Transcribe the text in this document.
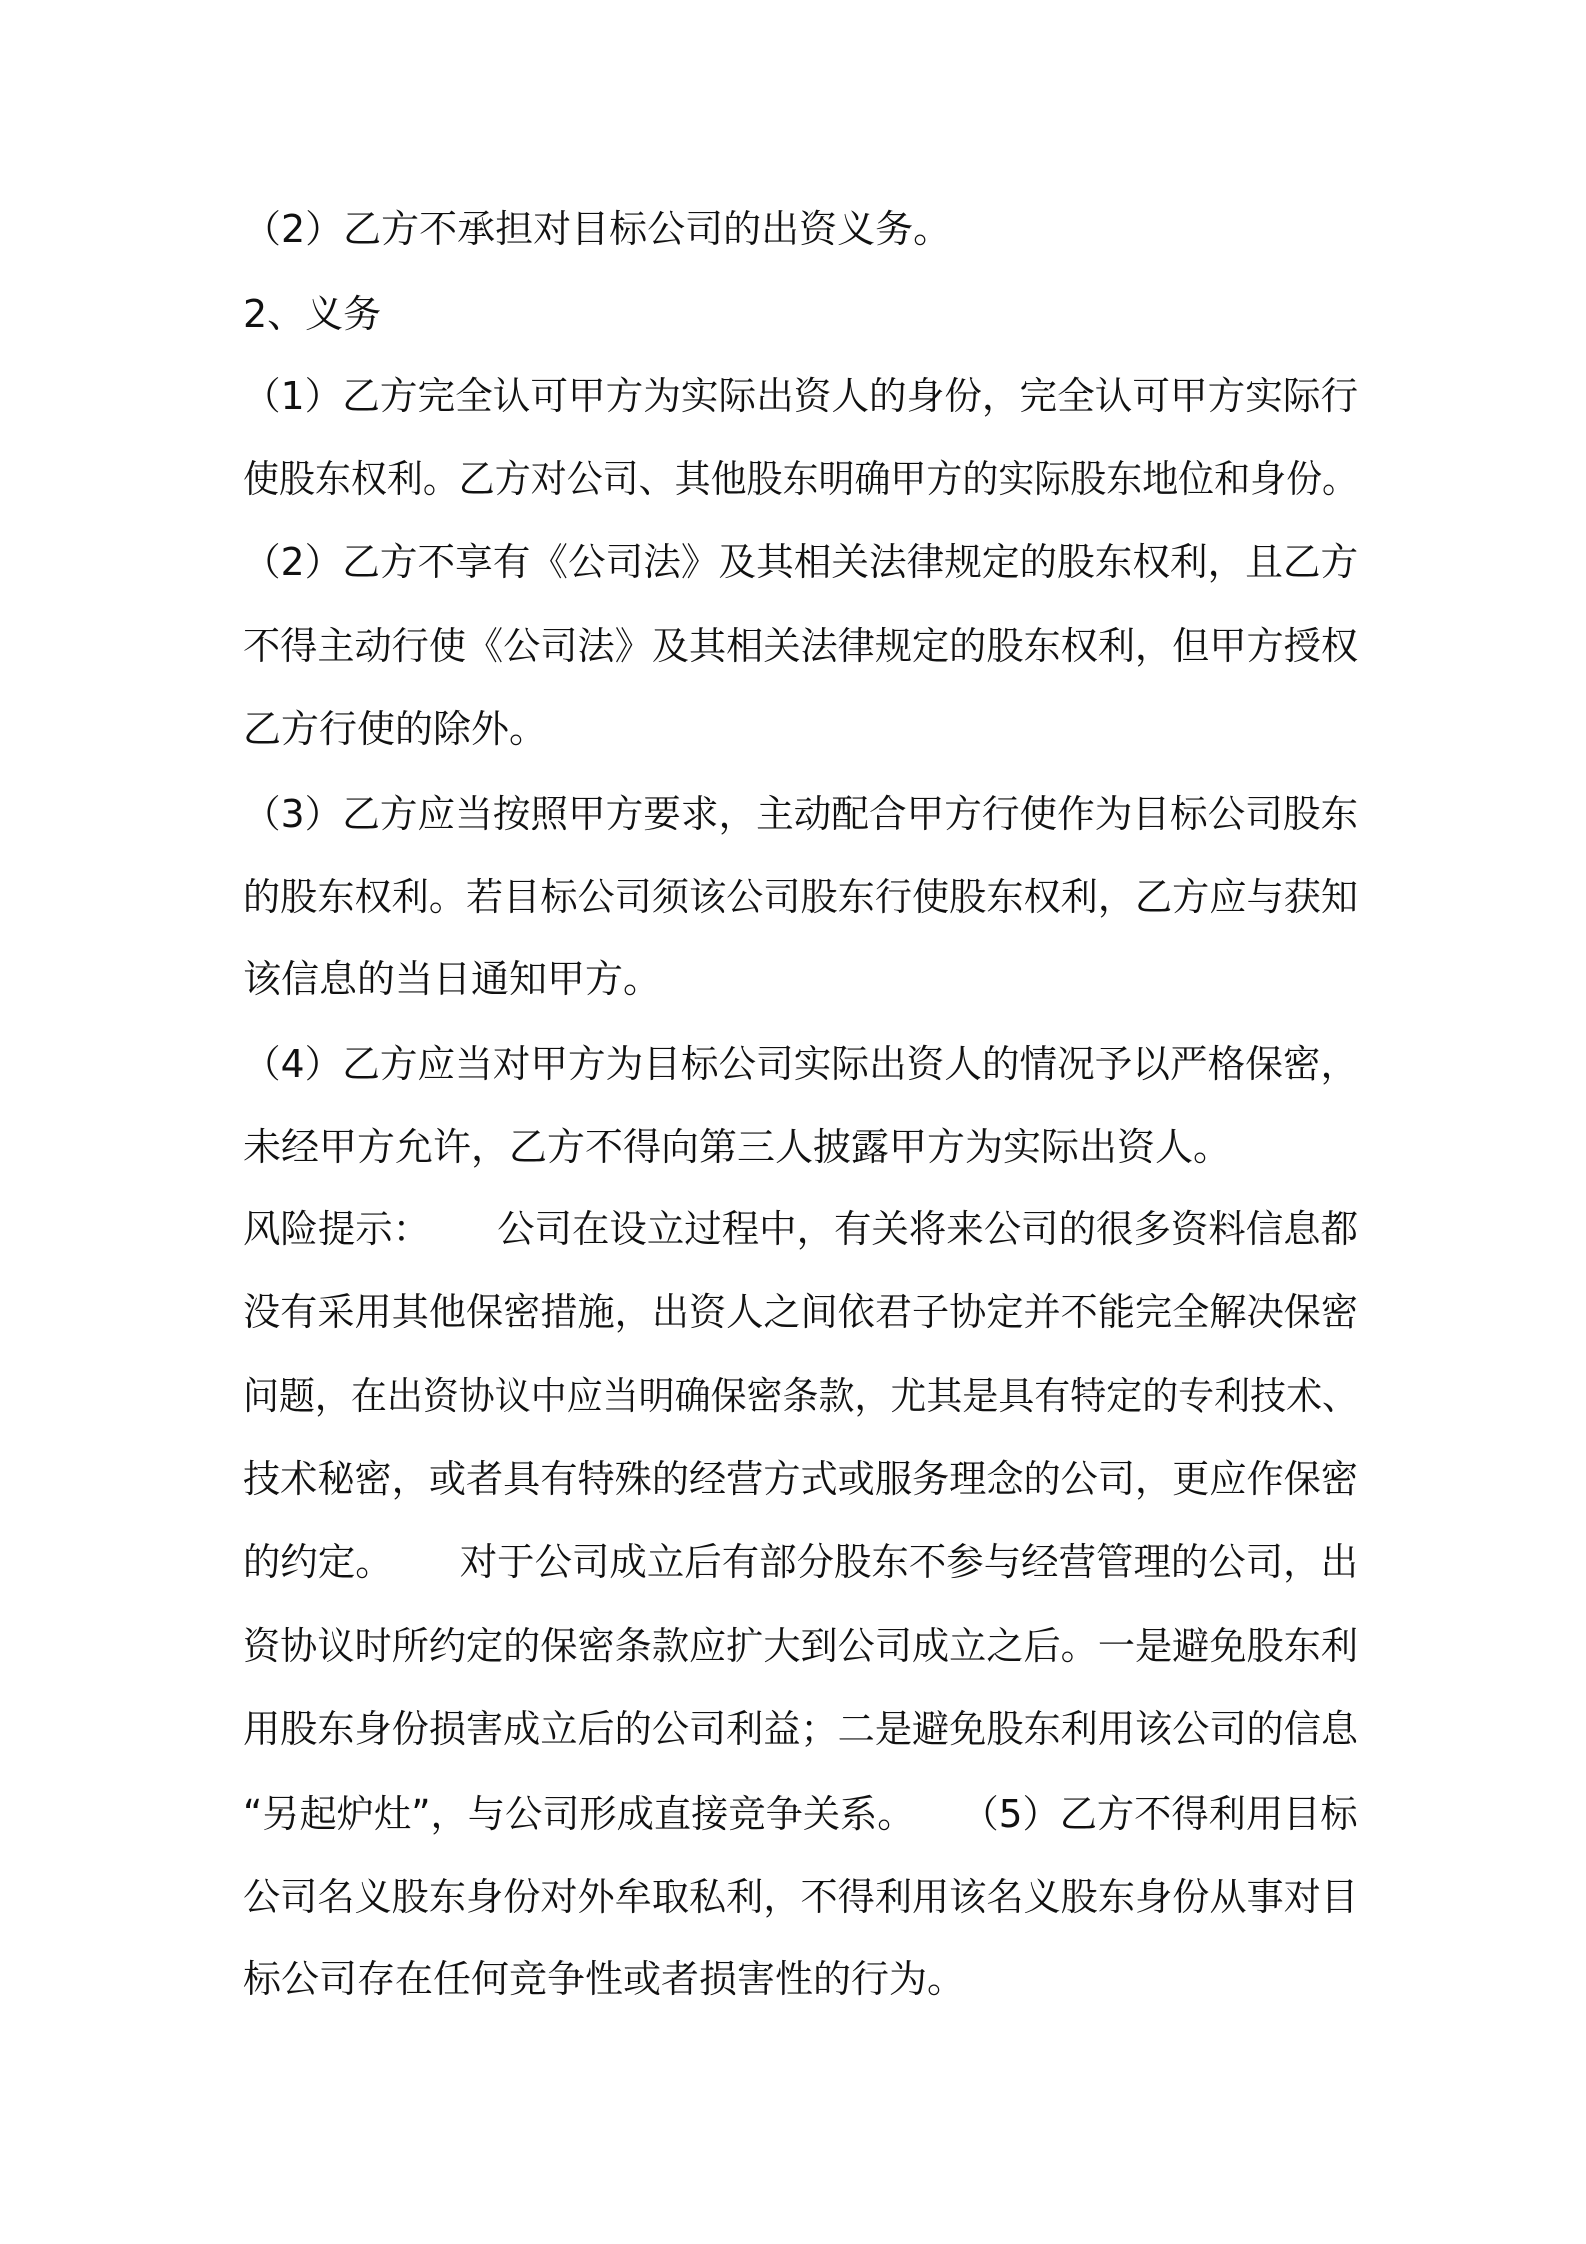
（2）乙方不承担对目标公司的出资义务。
2、义务
（1）乙方完全认可甲方为实际出资人的身份，完全认可甲方实际行
使股东权利。乙方对公司、其他股东明确甲方的实际股东地位和身份。
（2）乙方不享有《公司法》及其相关法律规定的股东权利，且乙方
不得主动行使《公司法》及其相关法律规定的股东权利，但甲方授权
乙方行使的除外。
（3）乙方应当按照甲方要求，主动配合甲方行使作为目标公司股东
的股东权利。若目标公司须该公司股东行使股东权利，乙方应与获知
该信息的当日通知甲方。
（4）乙方应当对甲方为目标公司实际出资人的情况予以严格保密，
未经甲方允许，乙方不得向第三人披露甲方为实际出资人。
风险提示： 公司在设立过程中，有关将来公司的很多资料信息都
没有采用其他保密措施，出资人之间依君子协定并不能完全解决保密
问题，在出资协议中应当明确保密条款，尤其是具有特定的专利技术、
技术秘密，或者具有特殊的经营方式或服务理念的公司，更应作保密
的约定。 对于公司成立后有部分股东不参与经营管理的公司，出
资协议时所约定的保密条款应扩大到公司成立之后。一是避免股东利
用股东身份损害成立后的公司利益；二是避免股东利用该公司的信息
“另起炉灶”，与公司形成直接竞争关系。 （5）乙方不得利用目标
公司名义股东身份对外牟取私利，不得利用该名义股东身份从事对目
标公司存在任何竞争性或者损害性的行为。
